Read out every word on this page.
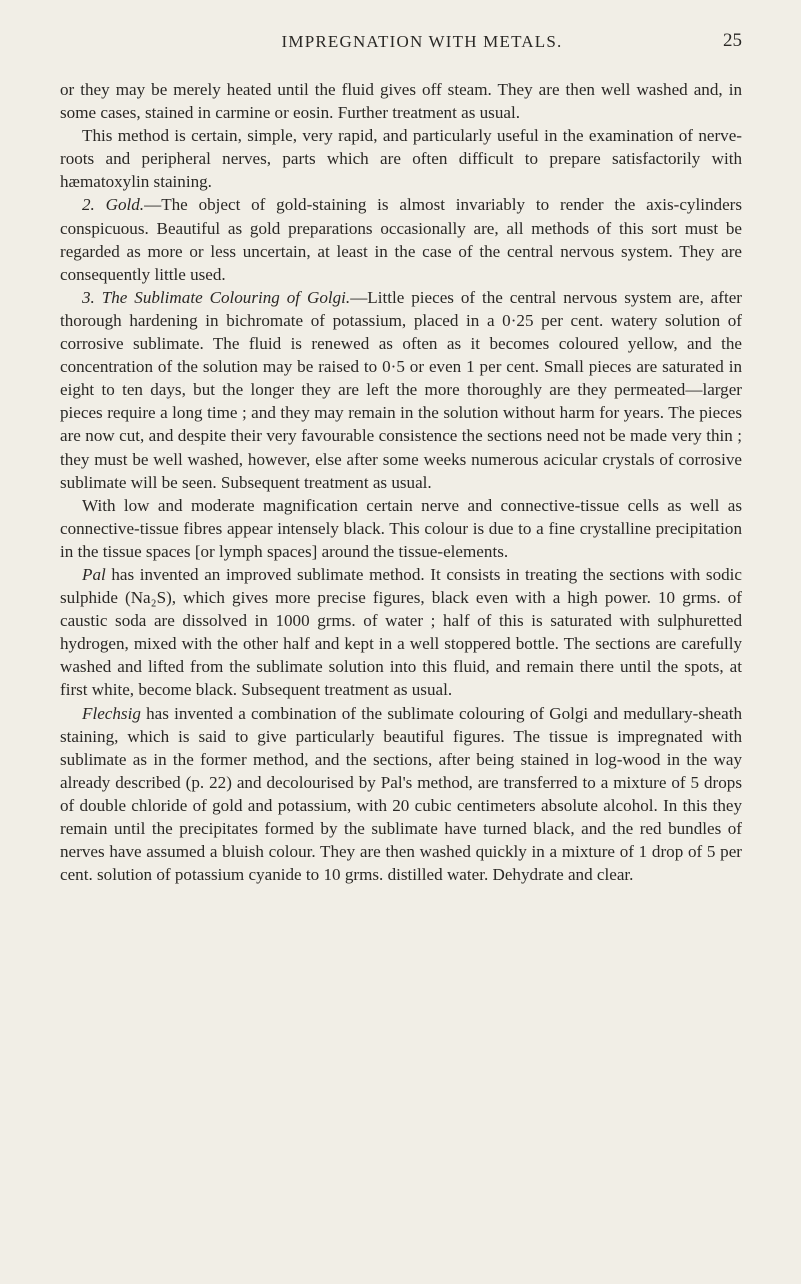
IMPREGNATION WITH METALS.	25

or they may be merely heated until the fluid gives off steam. They are then well washed and, in some cases, stained in carmine or eosin. Further treatment as usual.

This method is certain, simple, very rapid, and particularly useful in the examination of nerve-roots and peripheral nerves, parts which are often difficult to prepare satisfactorily with hæmatoxylin staining.

2. Gold.—The object of gold-staining is almost invariably to render the axis-cylinders conspicuous. Beautiful as gold preparations occasionally are, all methods of this sort must be regarded as more or less uncertain, at least in the case of the central nervous system. They are consequently little used.

3. The Sublimate Colouring of Golgi.—Little pieces of the central nervous system are, after thorough hardening in bichromate of potassium, placed in a 0·25 per cent. watery solution of corrosive sublimate. The fluid is renewed as often as it becomes coloured yellow, and the concentration of the solution may be raised to 0·5 or even 1 per cent. Small pieces are saturated in eight to ten days, but the longer they are left the more thoroughly are they permeated—larger pieces require a long time ; and they may remain in the solution without harm for years. The pieces are now cut, and despite their very favourable consistence the sections need not be made very thin ; they must be well washed, however, else after some weeks numerous acicular crystals of corrosive sublimate will be seen. Subsequent treatment as usual.

With low and moderate magnification certain nerve and connective-tissue cells as well as connective-tissue fibres appear intensely black. This colour is due to a fine crystalline precipitation in the tissue spaces [or lymph spaces] around the tissue-elements.

Pal has invented an improved sublimate method. It consists in treating the sections with sodic sulphide (Na₂S), which gives more precise figures, black even with a high power. 10 grms. of caustic soda are dissolved in 1000 grms. of water ; half of this is saturated with sulphuretted hydrogen, mixed with the other half and kept in a well stoppered bottle. The sections are carefully washed and lifted from the sublimate solution into this fluid, and remain there until the spots, at first white, become black. Subsequent treatment as usual.

Flechsig has invented a combination of the sublimate colouring of Golgi and medullary-sheath staining, which is said to give particularly beautiful figures. The tissue is impregnated with sublimate as in the former method, and the sections, after being stained in log-wood in the way already described (p. 22) and decolourised by Pal's method, are transferred to a mixture of 5 drops of double chloride of gold and potassium, with 20 cubic centimeters absolute alcohol. In this they remain until the precipitates formed by the sublimate have turned black, and the red bundles of nerves have assumed a bluish colour. They are then washed quickly in a mixture of 1 drop of 5 per cent. solution of potassium cyanide to 10 grms. distilled water. Dehydrate and clear.
